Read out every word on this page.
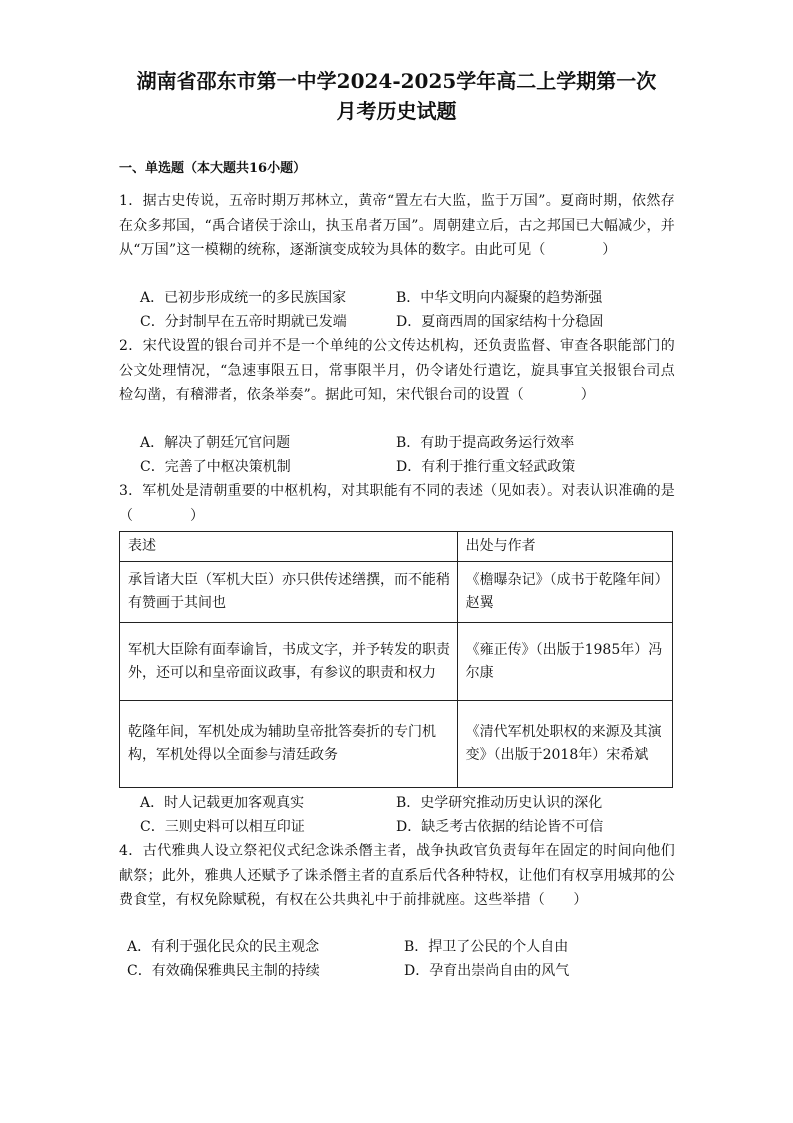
湖南省邵东市第一中学2024-2025学年高二上学期第一次
月考历史试题
一、单选题（本大题共16小题）
1．据古史传说，五帝时期万邦林立，黄帝“置左右大监，监于万国”。夏商时期，依然存在众多邦国，“禹合诸侯于涂山，执玉帛者万国”。周朝建立后，古之邦国已大幅减少，并从“万国”这一模糊的统称，逐渐演变成较为具体的数字。由此可见（　　　　）
A．已初步形成统一的多民族国家	B．中华文明向内凝聚的趋势渐强
C．分封制早在五帝时期就已发端	D．夏商西周的国家结构十分稳固
2．宋代设置的银台司并不是一个单纯的公文传达机构，还负责监督、审查各职能部门的公文处理情况，“急速事限五日，常事限半月，仍令诸处行遣讫，旋具事宜关报银台司点检勾凿，有稽滞者，依条举奏”。据此可知，宋代银台司的设置（　　　　）
A．解决了朝廷冗官问题	B．有助于提高政务运行效率
C．完善了中枢决策机制	D．有利于推行重文轻武政策
3．军机处是清朝重要的中枢机构，对其职能有不同的表述（见如表）。对表认识准确的是（　　　　）
表述	出处与作者
承旨诸大臣（军机大臣）亦只供传述缮撰，而不能稍有赞画于其间也	《檐曝杂记》（成书于乾隆年间）赵翼
军机大臣除有面奉谕旨，书成文字，并予转发的职责外，还可以和皇帝面议政事，有参议的职责和权力	《雍正传》（出版于1985年）冯尔康
乾隆年间，军机处成为辅助皇帝批答奏折的专门机构，军机处得以全面参与清廷政务	《清代军机处职权的来源及其演变》（出版于2018年）宋希斌
A．时人记载更加客观真实	B．史学研究推动历史认识的深化
C．三则史料可以相互印证	D．缺乏考古依据的结论皆不可信
4．古代雅典人设立祭祀仪式纪念诛杀僭主者，战争执政官负责每年在固定的时间向他们献祭；此外，雅典人还赋予了诛杀僭主者的直系后代各种特权，让他们有权享用城邦的公费食堂，有权免除赋税，有权在公共典礼中于前排就座。这些举措（　　）
A．有利于强化民众的民主观念	B．捍卫了公民的个人自由
C．有效确保雅典民主制的持续	D．孕育出崇尚自由的风气
